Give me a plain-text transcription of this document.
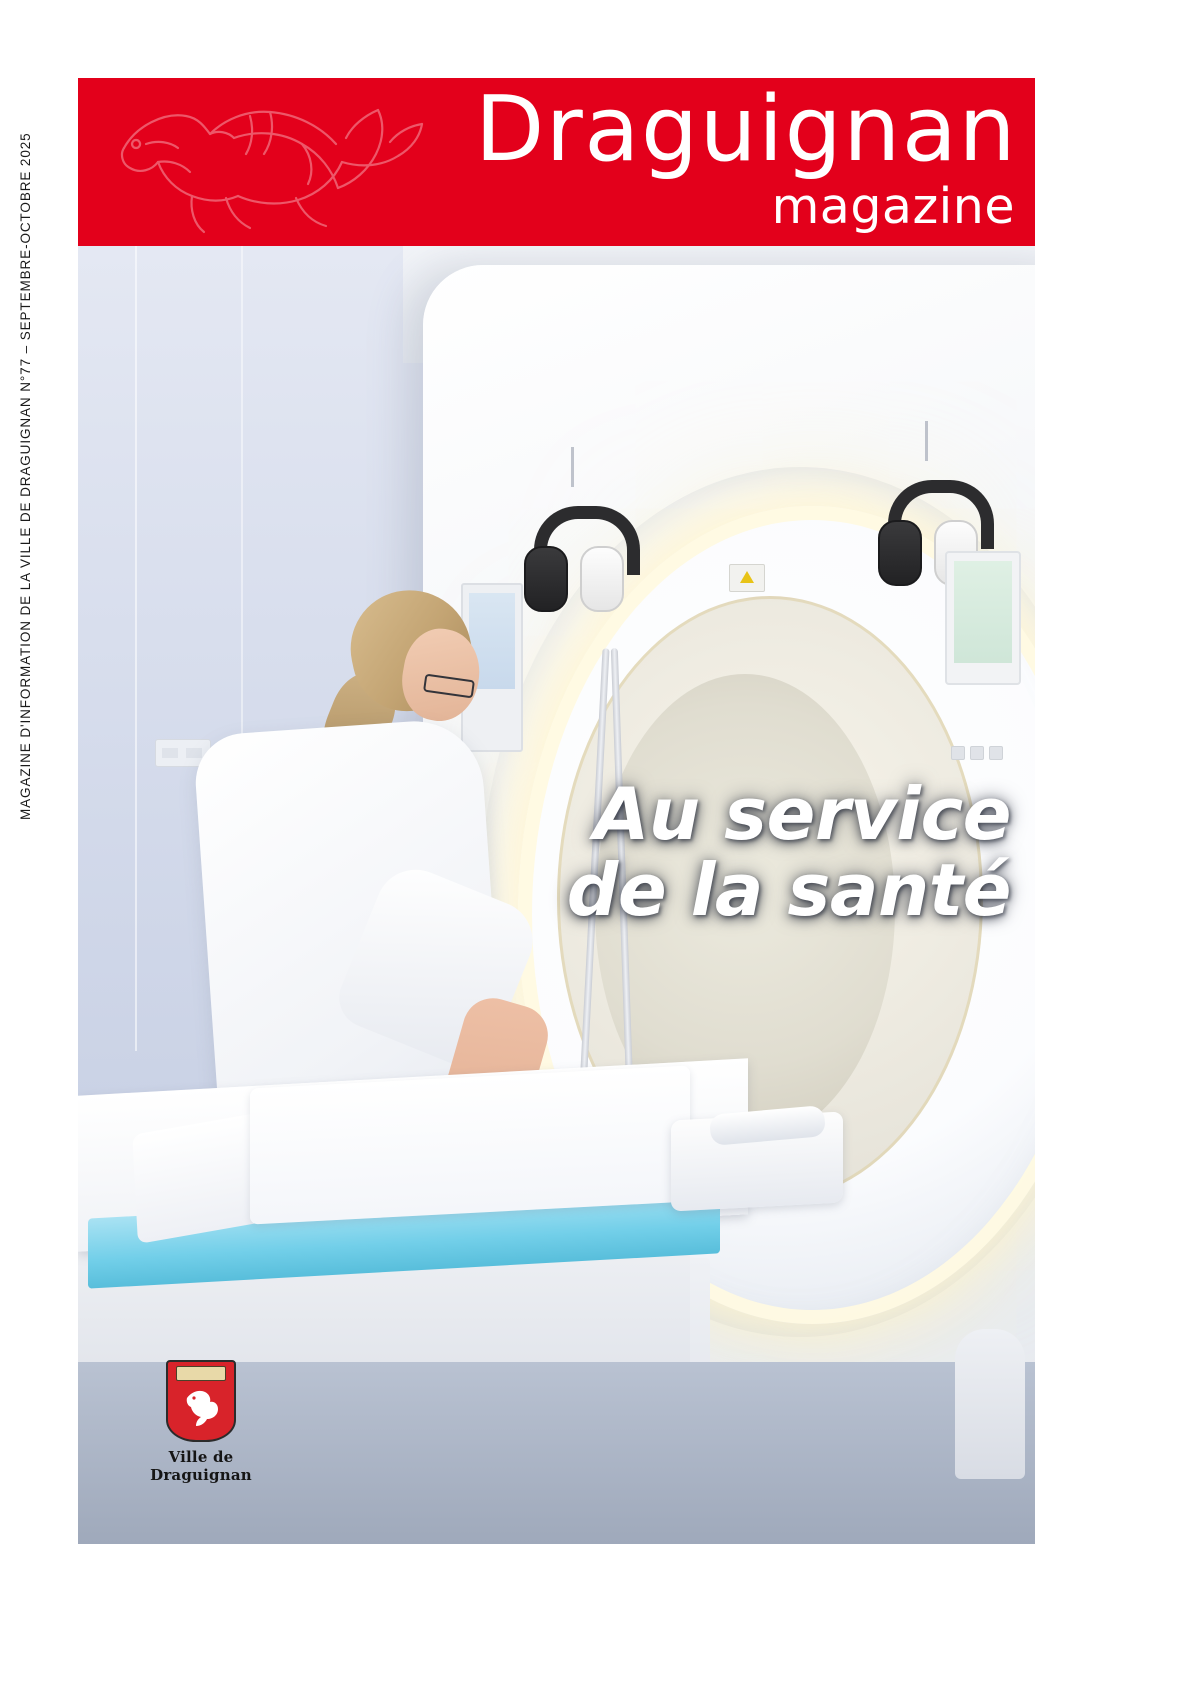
MAGAZINE D'INFORMATION DE LA VILLE DE DRAGUIGNAN N°77 – SEPTEMBRE-OCTOBRE 2025
Draguignan
magazine
Au service
de la santé
Ville de Draguignan
